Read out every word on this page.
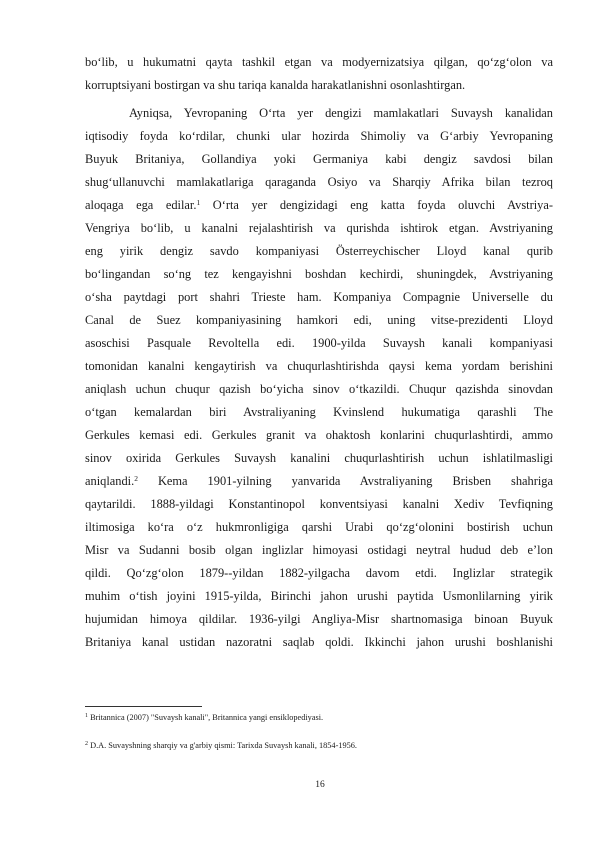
bo‘lib, u hukumatni qayta tashkil etgan va modyernizatsiya qilgan, qo‘zg‘olon va
korruptsiyani bostirgan va shu tariqa kanalda harakatlanishni osonlashtirgan.
Ayniqsa, Yevropaning O‘rta yer dengizi mamlakatlari Suvaysh kanalidan
iqtisodiy foyda ko‘rdilar, chunki ular hozirda Shimoliy va G‘arbiy Yevropaning
Buyuk Britaniya, Gollandiya yoki Germaniya kabi dengiz savdosi bilan
shug‘ullanuvchi mamlakatlariga qaraganda Osiyo va Sharqiy Afrika bilan tezroq
aloqaga ega edilar.$^1$ O‘rta yer dengizidagi eng katta foyda oluvchi Avstriya-
Vengriya bo‘lib, u kanalni rejalashtirish va qurishda ishtirok etgan. Avstriyaning
eng yirik dengiz savdo kompaniyasi Österreychischer Lloyd kanal qurib
bo‘lingandan so‘ng tez kengayishni boshdan kechirdi, shuningdek, Avstriyaning
o‘sha paytdagi port shahri Trieste ham. Kompaniya Compagnie Universelle du
Canal de Suez kompaniyasining hamkori edi, uning vitse-prezidenti Lloyd
asoschisi Pasquale Revoltella edi. 1900-yilda Suvaysh kanali kompaniyasi
tomonidan kanalni kengaytirish va chuqurlashtirishda qaysi kema yordam berishini
aniqlash uchun chuqur qazish bo‘yicha sinov o‘tkazildi. Chuqur qazishda sinovdan
o‘tgan kemalardan biri Avstraliyaning Kvinslend hukumatiga qarashli The
Gerkules kemasi edi. Gerkules granit va ohaktosh konlarini chuqurlashtirdi, ammo
sinov oxirida Gerkules Suvaysh kanalini chuqurlashtirish uchun ishlatilmasligi
aniqlandi.$^2$ Kema 1901-yilning yanvarida Avstraliyaning Brisben shahriga
qaytarildi. 1888-yildagi Konstantinopol konventsiyasi kanalni Xediv Tevfiqning
iltimosiga ko‘ra o‘z hukmronligiga qarshi Urabi qo‘zg‘olonini bostirish uchun
Misr va Sudanni bosib olgan inglizlar himoyasi ostidagi neytral hudud deb e’lon
qildi. Qo‘zg‘olon 1879--yildan 1882-yilgacha davom etdi. Inglizlar strategik
muhim o‘tish joyini 1915-yilda, Birinchi jahon urushi paytida Usmonlilarning yirik
hujumidan himoya qildilar. 1936-yilgi Angliya-Misr shartnomasiga binoan Buyuk
Britaniya kanal ustidan nazoratni saqlab qoldi. Ikkinchi jahon urushi boshlanishi
$^1$ Britannica (2007) "Suvaysh kanali", Britannica yangi ensiklopediyasi.
$^2$ D.A. Suvayshning sharqiy va g'arbiy qismi: Tarixda Suvaysh kanali, 1854-1956.
16
